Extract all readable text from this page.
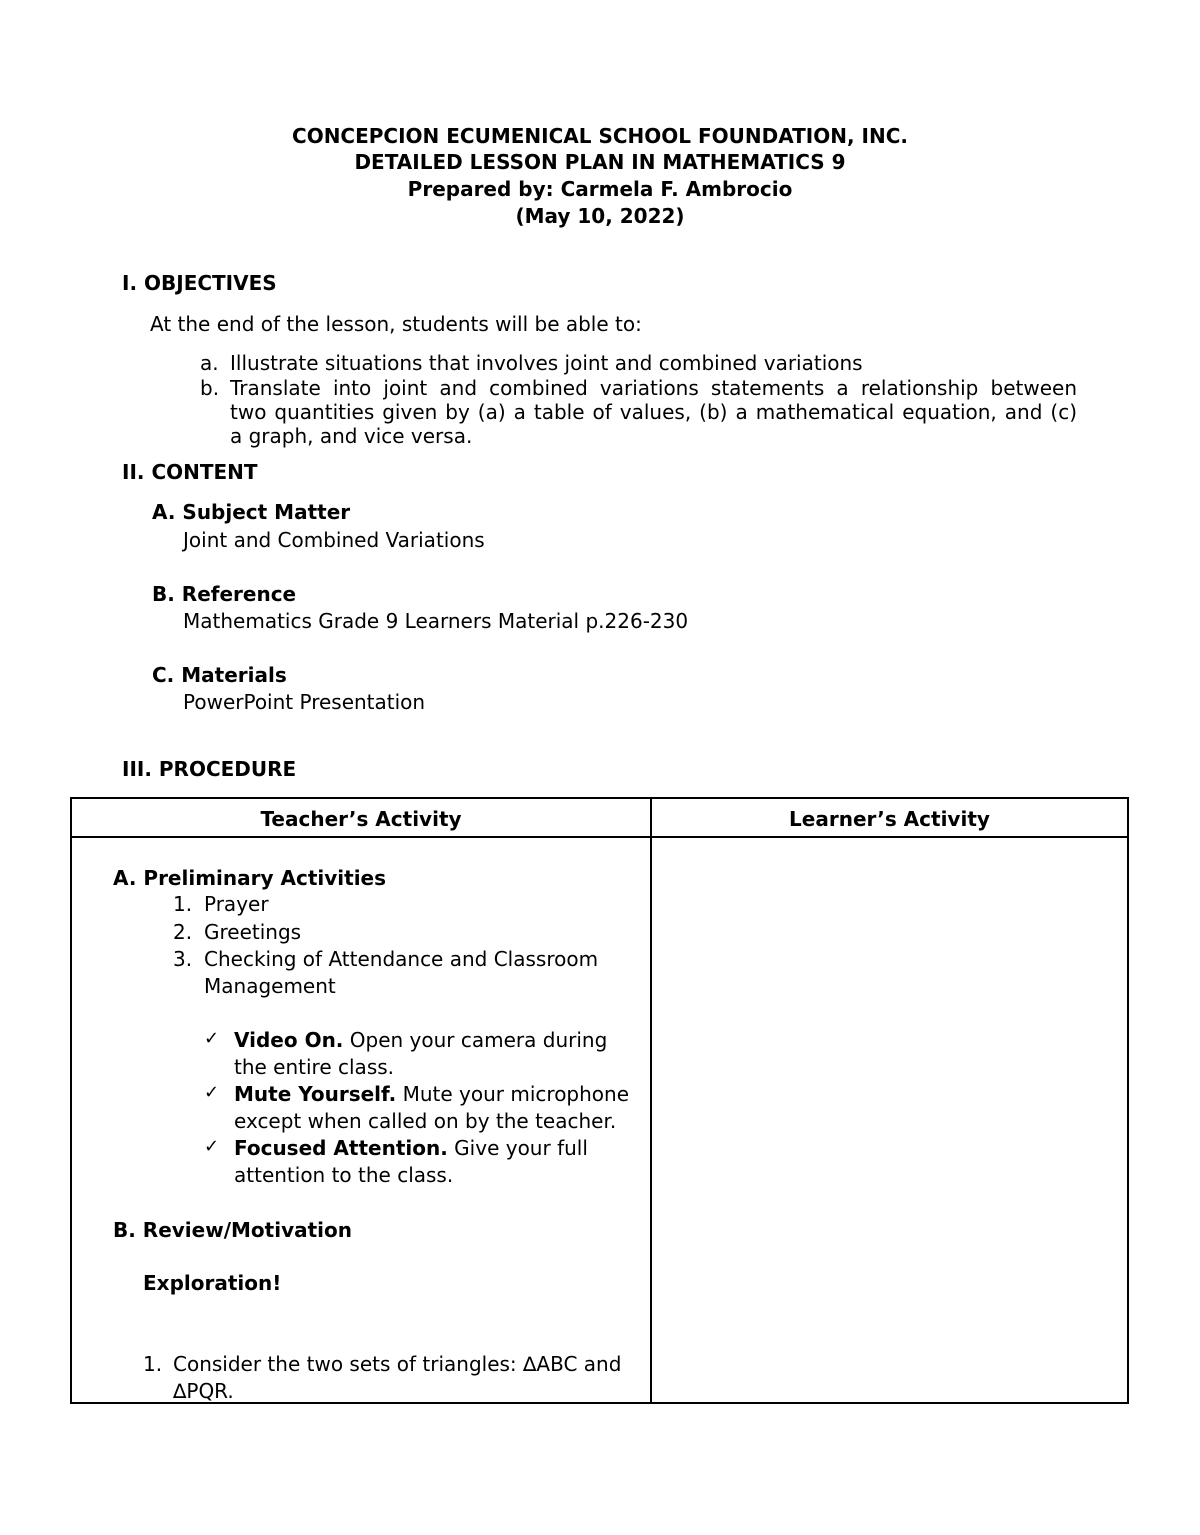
CONCEPCION ECUMENICAL SCHOOL FOUNDATION, INC.
DETAILED LESSON PLAN IN MATHEMATICS 9
Prepared by: Carmela F. Ambrocio
(May 10, 2022)
I. OBJECTIVES
At the end of the lesson, students will be able to:
a. Illustrate situations that involves joint and combined variations
b. Translate into joint and combined variations statements a relationship between
two quantities given by (a) a table of values, (b) a mathematical equation, and (c)
a graph, and vice versa.
II. CONTENT
A. Subject Matter
Joint and Combined Variations
B. Reference
Mathematics Grade 9 Learners Material p.226-230
C. Materials
PowerPoint Presentation
III. PROCEDURE
Teacher’s Activity	Learner’s Activity
A. Preliminary Activities
1. Prayer
2. Greetings
3. Checking of Attendance and Classroom
Management
✓ Video On. Open your camera during
the entire class.
✓ Mute Yourself. Mute your microphone
except when called on by the teacher.
✓ Focused Attention. Give your full
attention to the class.
B. Review/Motivation
Exploration!
1. Consider the two sets of triangles: ∆ABC and
∆PQR.
